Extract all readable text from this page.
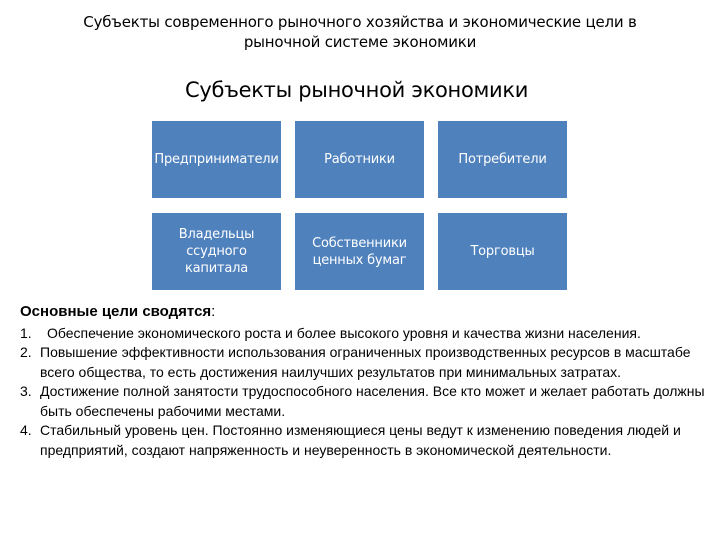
Субъекты современного рыночного хозяйства и экономические цели в рыночной системе экономики
Субъекты рыночной экономики
Предприниматели	Работники	Потребители
Владельцы ссудного капитала
Собственники ценных бумаг
Торговцы
Основные цели сводятся:
1.	Обеспечение экономического роста и более высокого уровня и качества жизни населения.
2. Повышение эффективности использования ограниченных производственных ресурсов в масштабе всего общества, то есть достижения наилучших результатов при минимальных затратах.
3. Достижение полной занятости трудоспособного населения. Все кто может и желает работать должны быть обеспечены рабочими местами.
4. Стабильный уровень цен. Постоянно изменяющиеся цены ведут к изменению поведения людей и предприятий, создают напряженность и неуверенность в экономической деятельности.
